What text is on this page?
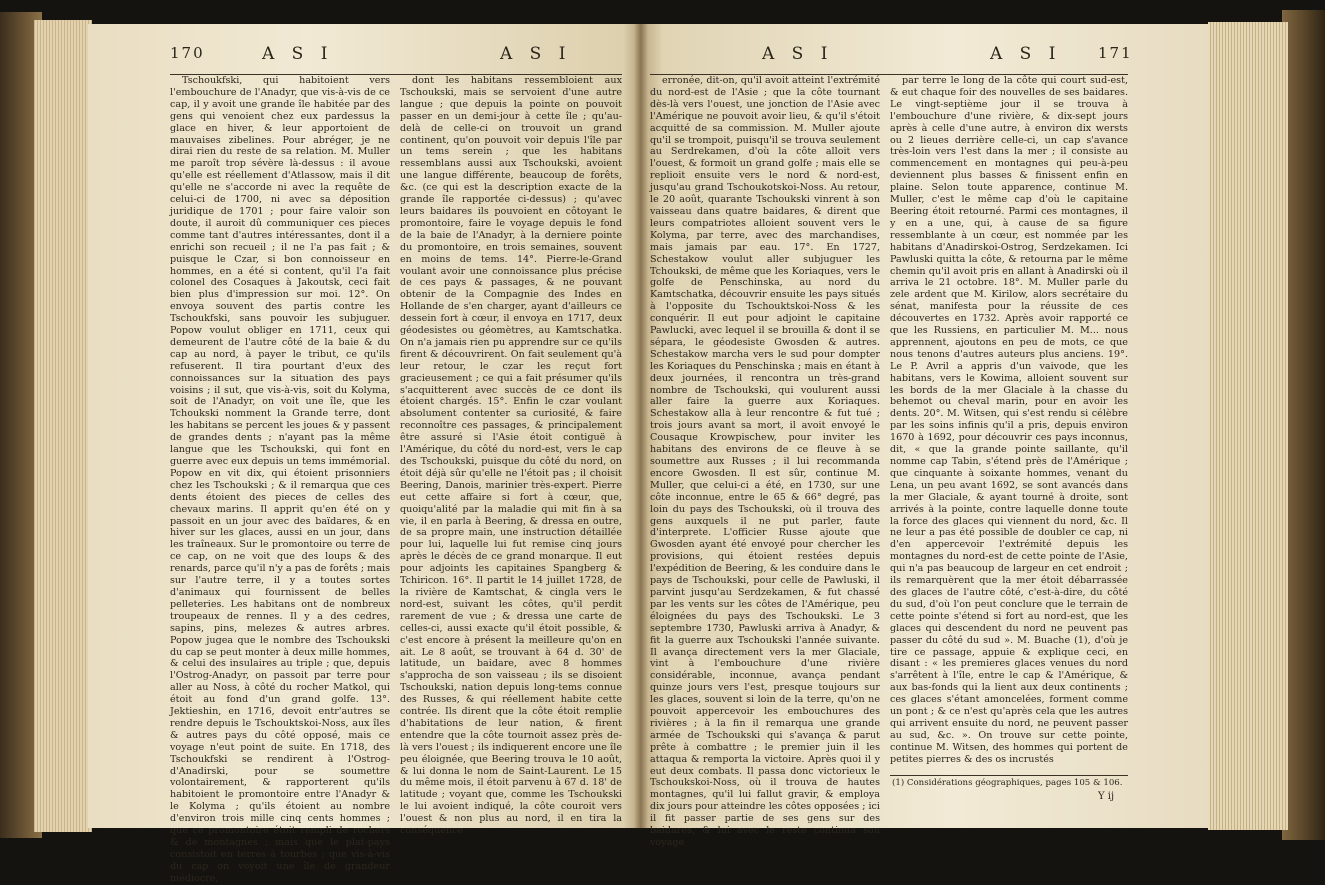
170	A S I	A S I

Tschoukfski, qui habitoient vers l'embouchure de l'Anadyr, que vis-à-vis de ce cap, il y avoit une grande île habitée par des gens qui venoient chez eux pardessus la glace en hiver, & leur apportoient de mauvaises zibelines. Pour abréger, je ne dirai rien du reste de sa relation. M. Muller me paroît trop sévère là-dessus : il avoue qu'elle est réellement d'Atlassow, mais il dit qu'elle ne s'accorde ni avec la requête de celui-ci de 1700, ni avec sa déposition juridique de 1701 ; pour faire valoir son doute, il auroit dû communiquer ces pieces comme tant d'autres intéressantes, dont il a enrichi son recueil ; il ne l'a pas fait ; & puisque le Czar, si bon connoisseur en hommes, en a été si content, qu'il l'a fait colonel des Cosaques à Jakoutsk, ceci fait bien plus d'impression sur moi. 12°. On envoya souvent des partis contre les Tschoukfski, sans pouvoir les subjuguer. Popow voulut obliger en 1711, ceux qui demeurent de l'autre côté de la baie & du cap au nord, à payer le tribut, ce qu'ils refuserent. Il tira pourtant d'eux des connoissances sur la situation des pays voisins ; il sut, que vis-à-vis, soit du Kolyma, soit de l'Anadyr, on voit une île, que les Tchoukski nomment la Grande terre, dont les habitans se percent les joues & y passent de grandes dents ; n'ayant pas la même langue que les Tschoukski, qui font en guerre avec eux depuis un tems immémorial. Popow en vit dix, qui étoient prisonniers chez les Tschoukski ; & il remarqua que ces dents étoient des pieces de celles des chevaux marins. Il apprit qu'en été on y passoit en un jour avec des baïdares, & en hiver sur les glaces, aussi en un jour, dans les traîneaux. Sur le promontoire ou terre de ce cap, on ne voit que des loups & des renards, parce qu'il n'y a pas de forêts ; mais sur l'autre terre, il y a toutes sortes d'animaux qui fournissent de belles pelleteries. Les habitans ont de nombreux troupeaux de rennes. Il y a des cedres, sapins, pins, melezes & autres arbres. Popow jugea que le nombre des Tschoukski du cap se peut monter à deux mille hommes, & celui des insulaires au triple ; que, depuis l'Ostrog-Anadyr, on passoit par terre pour aller au Noss, à côté du rocher Matkol, qui étoit au fond d'un grand golfe. 13°. Jektieshin, en 1716, devoit entr'autres se rendre depuis le Tschouktskoi-Noss, aux îles & autres pays du côté opposé, mais ce voyage n'eut point de suite. En 1718, des Tschoukfski se rendirent à l'Ostrog-d'Anadirski, pour se soumettre volontairement, & rapporterent qu'ils habitoient le promontoire entre l'Anadyr & le Kolyma ; qu'ils étoient au nombre d'environ trois mille cinq cents hommes ; que ce promontoire étoit rempli de rochers & de montagnes ; mais que le plat-pays consistoit en terres à tourbes ; que vis-à-vis du cap on voyoit une île de grandeur médiocre,

dont les habitans ressembloient aux Tschoukski, mais se servoient d'une autre langue ; que depuis la pointe on pouvoit passer en un demi-jour à cette île ; qu'au-delà de celle-ci on trouvoit un grand continent, qu'on pouvoit voir depuis l'île par un tems serein ; que les habitans ressemblans aussi aux Tschoukski, avoient une langue différente, beaucoup de forêts, &c. (ce qui est la description exacte de la grande île rapportée ci-dessus) ; qu'avec leurs baidares ils pouvoient en côtoyant le promontoire, faire le voyage depuis le fond de la baie de l'Anadyr, à la derniere pointe du promontoire, en trois semaines, souvent en moins de tems. 14°. Pierre-le-Grand voulant avoir une connoissance plus précise de ces pays & passages, & ne pouvant obtenir de la Compagnie des Indes en Hollande de s'en charger, ayant d'ailleurs ce dessein fort à cœur, il envoya en 1717, deux géodesistes ou géomètres, au Kamtschatka. On n'a jamais rien pu apprendre sur ce qu'ils firent & découvrirent. On fait seulement qu'à leur retour, le czar les reçut fort gracieusement ; ce qui a fait présumer qu'ils s'acquitterent avec succès de ce dont ils étoient chargés. 15°. Enfin le czar voulant absolument contenter sa curiosité, & faire reconnoître ces passages, & principalement être assuré si l'Asie étoit contiguë à l'Amérique, du côté du nord-est, vers le cap des Tschoukski, puisque du côté du nord, on étoit déjà sûr qu'elle ne l'étoit pas ; il choisit Beering, Danois, marinier très-expert. Pierre eut cette affaire si fort à cœur, que, quoiqu'alité par la maladie qui mit fin à sa vie, il en parla à Beering, & dressa en outre, de sa propre main, une instruction détaillée pour lui, laquelle lui fut remise cinq jours après le décès de ce grand monarque. Il eut pour adjoints les capitaines Spangberg & Tchiricon. 16°. Il partit le 14 juillet 1728, de la rivière de Kamtschat, & cingla vers le nord-est, suivant les côtes, qu'il perdit rarement de vue ; & dressa une carte de celles-ci, aussi exacte qu'il étoit possible, & c'est encore à présent la meilleure qu'on en ait. Le 8 août, se trouvant à 64 d. 30' de latitude, un baidare, avec 8 hommes s'approcha de son vaisseau ; ils se disoient Tschoukski, nation depuis long-tems connue des Russes, & qui réellement habite cette contrée. Ils dirent que la côte étoit remplie d'habitations de leur nation, & firent entendre que la côte tournoit assez près de-là vers l'ouest ; ils indiquerent encore une île peu éloignée, que Beering trouva le 10 août, & lui donna le nom de Saint-Laurent. Le 15 du même mois, il étoit parvenu à 67 d. 18' de latitude ; voyant que, comme les Tschoukski le lui avoient indiqué, la côte couroit vers l'ouest & non plus au nord, il en tira la conséquence

A S I	A S I 171

erronée, dit-on, qu'il avoit atteint l'extrémité du nord-est de l'Asie ; que la côte tournant dès-là vers l'ouest, une jonction de l'Asie avec l'Amérique ne pouvoit avoir lieu, & qu'il s'étoit acquitté de sa commission. M. Muller ajoute qu'il se trompoit, puisqu'il se trouva seulement au Serdrekamen, d'où la côte alloit vers l'ouest, & formoit un grand golfe ; mais elle se replioit ensuite vers le nord & nord-est, jusqu'au grand Tschoukotskoi-Noss. Au retour, le 20 août, quarante Tschoukski vinrent à son vaisseau dans quatre baidares, & dirent que leurs compatriotes alloient souvent vers le Kolyma, par terre, avec des marchandises, mais jamais par eau. 17°. En 1727, Schestakow voulut aller subjuguer les Tchoukski, de même que les Koriaques, vers le golfe de Penschinska, au nord du Kamtschatka, découvrir ensuite les pays situés à l'opposite du Tschouktskoi-Noss & les conquérir. Il eut pour adjoint le capitaine Pawlucki, avec lequel il se brouilla & dont il se sépara, le géodesiste Gwosden & autres. Schestakow marcha vers le sud pour dompter les Koriaques du Penschinska ; mais en étant à deux journées, il rencontra un très-grand nombre de Tschoukski, qui voulurent aussi aller faire la guerre aux Koriaques. Schestakow alla à leur rencontre & fut tué ; trois jours avant sa mort, il avoit envoyé le Cousaque Krowpischew, pour inviter les habitans des environs de ce fleuve à se soumettre aux Russes ; il lui recommanda encore Gwosden. Il est sûr, continue M. Muller, que celui-ci a été, en 1730, sur une côte inconnue, entre le 65 & 66° degré, pas loin du pays des Tschoukski, où il trouva des gens auxquels il ne put parler, faute d'interprete. L'officier Russe ajoute que Gwosden ayant été envoyé pour chercher les provisions, qui étoient restées depuis l'expédition de Beering, & les conduire dans le pays de Tschoukski, pour celle de Pawluski, il parvint jusqu'au Serdzekamen, & fut chassé par les vents sur les côtes de l'Amérique, peu éloignées du pays des Tschoukski. Le 3 septembre 1730, Pawluski arriva à Anadyr, & fit la guerre aux Tschoukski l'année suivante. Il avança directement vers la mer Glaciale, vint à l'embouchure d'une rivière considérable, inconnue, avança pendant quinze jours vers l'est, presque toujours sur les glaces, souvent si loin de la terre, qu'on ne pouvoit appercevoir les embouchures des rivières ; à la fin il remarqua une grande armée de Tschoukski qui s'avança & parut prête à combattre ; le premier juin il les attaqua & remporta la victoire. Après quoi il y eut deux combats. Il passa donc victorieux le Tschoukskoi-Noss, où il trouva de hautes montagnes, qu'il lui fallut gravir, & employa dix jours pour atteindre les côtes opposées ; ici il fit passer partie de ses gens sur des baidares, & lui avec le reste continua son voyage

par terre le long de la côte qui court sud-est, & eut chaque foir des nouvelles de ses baidares. Le vingt-septième jour il se trouva à l'embouchure d'une rivière, & dix-sept jours après à celle d'une autre, à environ dix wersts ou 2 lieues derrière celle-ci, un cap s'avance très-loin vers l'est dans la mer ; il consiste au commencement en montagnes qui peu-à-peu deviennent plus basses & finissent enfin en plaine. Selon toute apparence, continue M. Muller, c'est le même cap d'où le capitaine Beering étoit retourné. Parmi ces montagnes, il y en a une, qui, à cause de sa figure ressemblante à un cœur, est nommée par les habitans d'Anadirskoi-Ostrog, Serdzekamen. Ici Pawluski quitta la côte, & retourna par le même chemin qu'il avoit pris en allant à Anadirski où il arriva le 21 octobre. 18°. M. Muller parle du zele ardent que M. Kirilow, alors secrétaire du sénat, manifesta pour la réussite de ces découvertes en 1732. Après avoir rapporté ce que les Russiens, en particulier M. M... nous apprennent, ajoutons en peu de mots, ce que nous tenons d'autres auteurs plus anciens. 19°. Le P. Avril a appris d'un vaivode, que les habitans, vers le Kowima, alloient souvent sur les bords de la mer Glaciale à la chasse du behemot ou cheval marin, pour en avoir les dents. 20°. M. Witsen, qui s'est rendu si célèbre par les soins infinis qu'il a pris, depuis environ 1670 à 1692, pour découvrir ces pays inconnus, dit, « que la grande pointe saillante, qu'il nomme cap Tabin, s'étend près de l'Amérique ; que cinquante à soixante hommes, venant du Lena, un peu avant 1692, se sont avancés dans la mer Glaciale, & ayant tourné à droite, sont arrivés à la pointe, contre laquelle donne toute la force des glaces qui viennent du nord, &c. Il ne leur a pas été possible de doubler ce cap, ni d'en appercevoir l'extrémité depuis les montagnes du nord-est de cette pointe de l'Asie, qui n'a pas beaucoup de largeur en cet endroit ; ils remarquèrent que la mer étoit débarrassée des glaces de l'autre côté, c'est-à-dire, du côté du sud, d'où l'on peut conclure que le terrain de cette pointe s'étend si fort au nord-est, que les glaces qui descendent du nord ne peuvent pas passer du côté du sud ». M. Buache (1), d'où je tire ce passage, appuie & explique ceci, en disant : « les premieres glaces venues du nord s'arrêtent à l'île, entre le cap & l'Amérique, & aux bas-fonds qui la lient aux deux continents ; ces glaces s'étant amoncelées, forment comme un pont ; & ce n'est qu'après cela que les autres qui arrivent ensuite du nord, ne peuvent passer au sud, &c. ». On trouve sur cette pointe, continue M. Witsen, des hommes qui portent de petites pierres & des os incrustés

(1) Considérations géographiques, pages 105 & 106.
Y ij
